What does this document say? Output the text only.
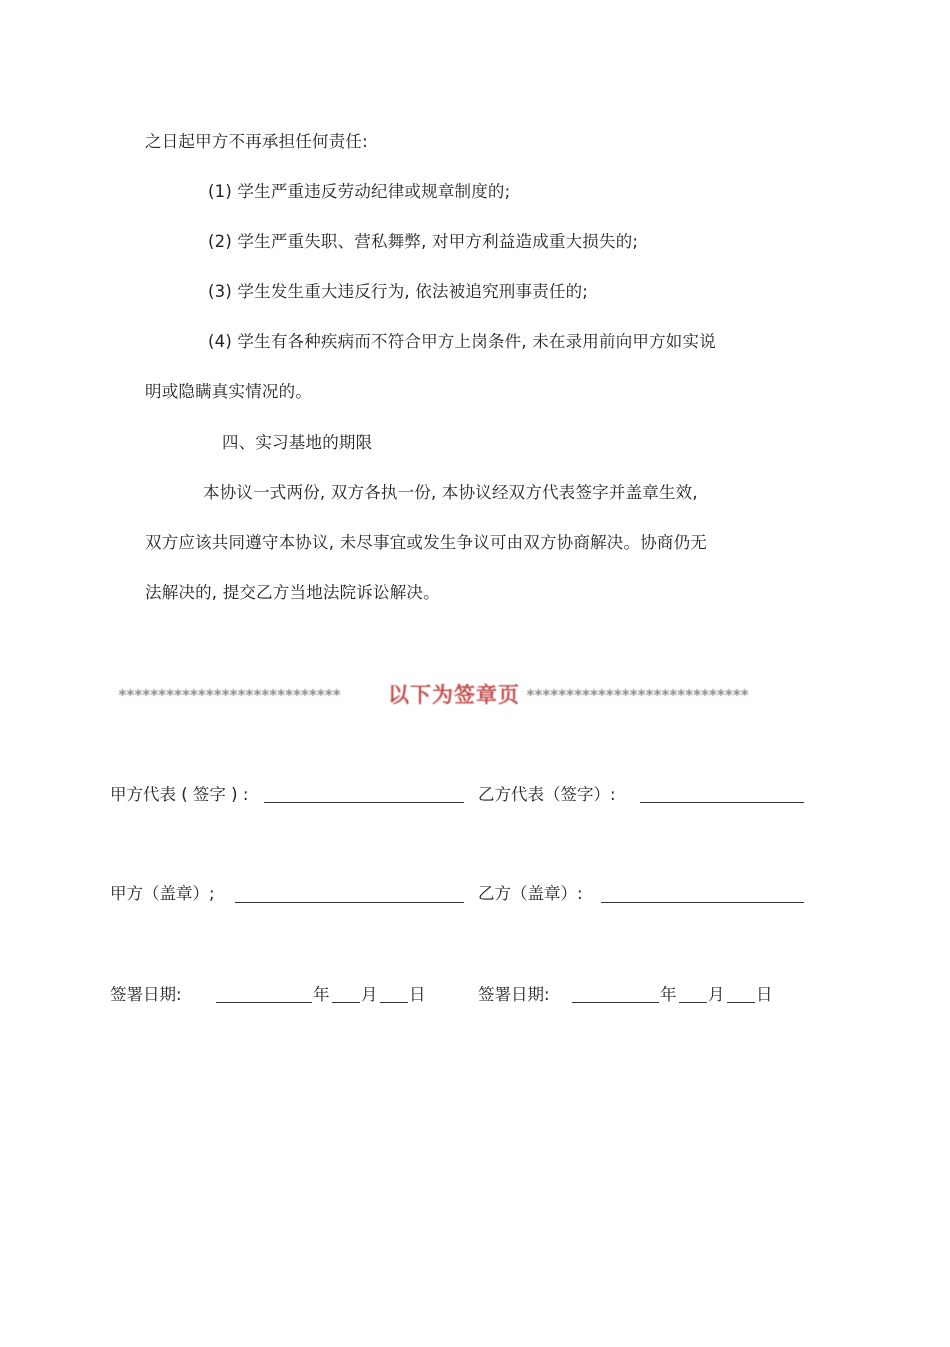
之日起甲方不再承担任何责任:
(1) 学生严重违反劳动纪律或规章制度的;
(2) 学生严重失职、营私舞弊, 对甲方利益造成重大损失的;
(3) 学生发生重大违反行为, 依法被追究刑事责任的;
(4) 学生有各种疾病而不符合甲方上岗条件, 未在录用前向甲方如实说
明或隐瞒真实情况的。
四、实习基地的期限
本协议一式两份, 双方各执一份, 本协议经双方代表签字并盖章生效,
双方应该共同遵守本协议, 未尽事宜或发生争议可由双方协商解决。协商仍无
法解决的, 提交乙方当地法院诉讼解决。
****************************	以下为签章页 ****************************
甲方代表 ( 签字 ) :	乙方代表（签字）:
甲方（盖章）;	乙方（盖章）:
签署日期:	年 月 日	签署日期:	年 月 日
